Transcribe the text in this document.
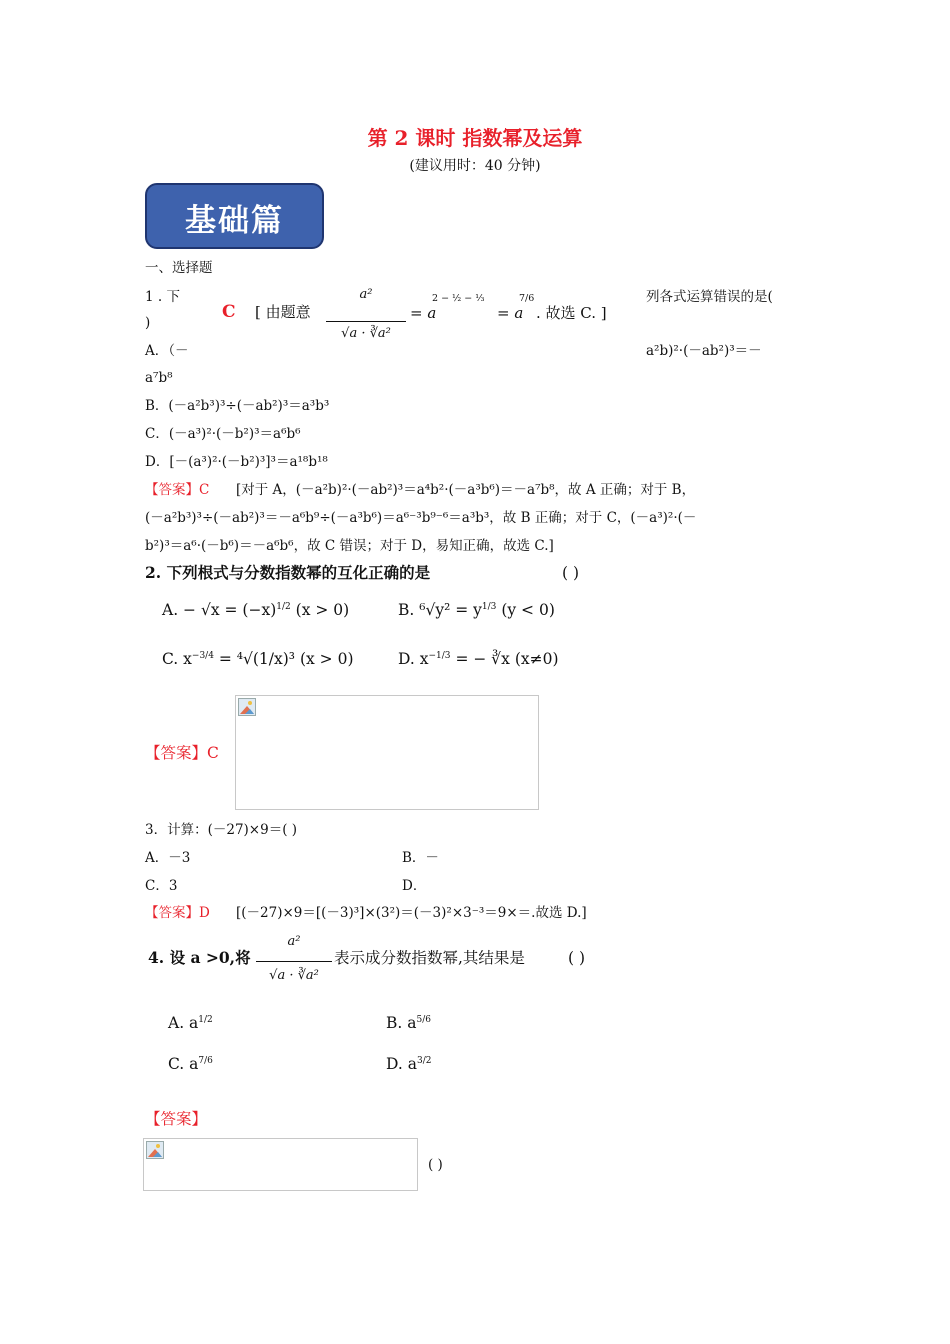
第 2 课时 指数幂及运算
(建议用时：40 分钟)
基础篇
一、选择题
1 . 下
)
C [ 由题意
a²
√a · ∛a²
= a
2 − ½ − ⅓
= a
7/6
. 故选 C. ]
列各式运算错误的是(
A．（－	a²b)²·(－ab²)³＝－
a⁷b⁸
B．(－a²b³)³÷(－ab²)³＝a³b³
C．(－a³)²·(－b²)³＝a⁶b⁶
D．[－(a³)²·(－b²)³]³＝a¹⁸b¹⁸
【答案】C [对于 A，(－a²b)²·(－ab²)³＝a⁴b²·(－a³b⁶)＝－a⁷b⁸，故 A 正确；对于 B，
(－a²b³)³÷(－ab²)³＝－a⁶b⁹÷(－a³b⁶)＝a⁶⁻³b⁹⁻⁶＝a³b³，故 B 正确；对于 C，(－a³)²·(－
b²)³＝a⁶·(－b⁶)＝－a⁶b⁶，故 C 错误；对于 D，易知正确，故选 C.]
2. 下列根式与分数指数幂的互化正确的是	( )
A. − $√x = (-x)^{1/2}$ (x > 0)	B. $^6√y^2 = y^{1/3}$ (y < 0)
C. $x^{-3/4} = ^4√(1/x)^3$ (x > 0)	D. $x^{-1/3}$ = − ∛x (x≠0)
【答案】C
3．计算：(－27)×9＝( )
A．－3	B．－
C．3	D．
【答案】D [(－27)×9＝[(－3)³]×(3²)＝(－3)²×3⁻³＝9×＝.故选 D.]
4. 设 a >0,将
a²
√a · ∛a²
表示成分数指数幂,其结果是	( )
A. $a^{1/2}$	B. $a^{5/6}$
C. $a^{7/6}$	D. $a^{3/2}$
【答案】
( )
